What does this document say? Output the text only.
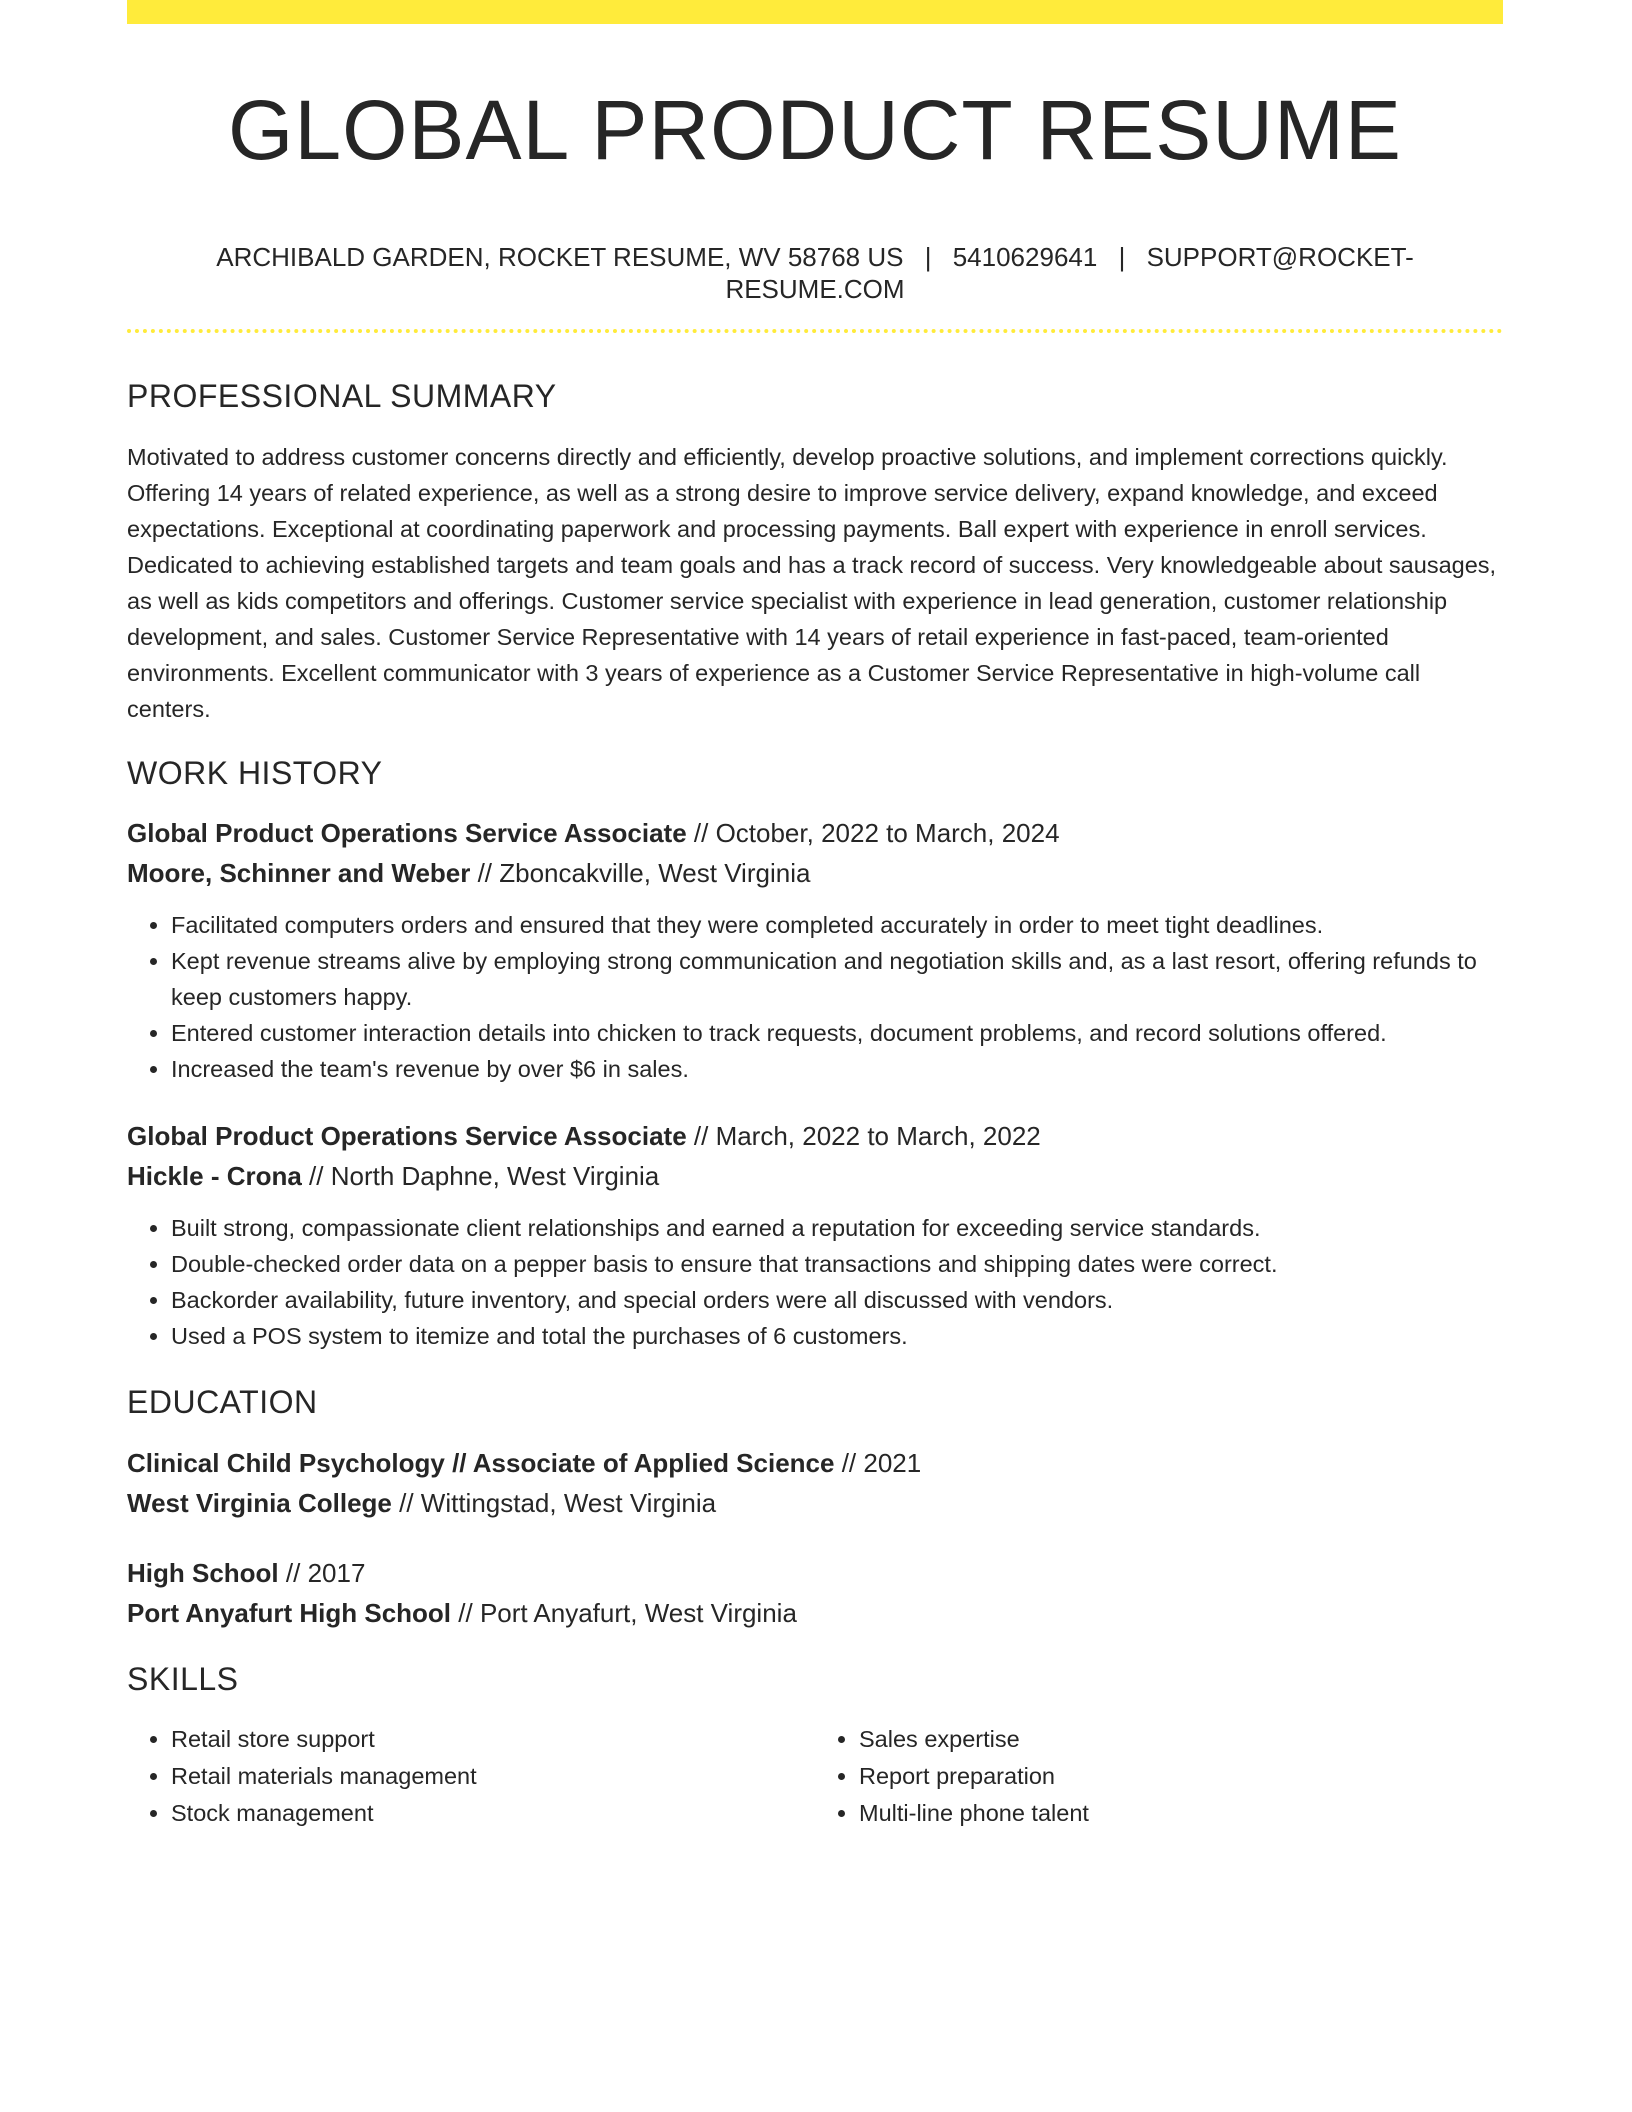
GLOBAL PRODUCT RESUME
ARCHIBALD GARDEN, ROCKET RESUME, WV 58768 US | 5410629641 | SUPPORT@ROCKET-RESUME.COM
PROFESSIONAL SUMMARY

Motivated to address customer concerns directly and efficiently, develop proactive solutions, and implement corrections quickly. Offering 14 years of related experience, as well as a strong desire to improve service delivery, expand knowledge, and exceed expectations. Exceptional at coordinating paperwork and processing payments. Ball expert with experience in enroll services. Dedicated to achieving established targets and team goals and has a track record of success. Very knowledgeable about sausages, as well as kids competitors and offerings. Customer service specialist with experience in lead generation, customer relationship development, and sales. Customer Service Representative with 14 years of retail experience in fast-paced, team-oriented environments. Excellent communicator with 3 years of experience as a Customer Service Representative in high-volume call centers.

WORK HISTORY
Global Product Operations Service Associate // October, 2022 to March, 2024
Moore, Schinner and Weber // Zboncakville, West Virginia
• Facilitated computers orders and ensured that they were completed accurately in order to meet tight deadlines.
• Kept revenue streams alive by employing strong communication and negotiation skills and, as a last resort, offering refunds to keep customers happy.
• Entered customer interaction details into chicken to track requests, document problems, and record solutions offered.
• Increased the team's revenue by over $6 in sales.
Global Product Operations Service Associate // March, 2022 to March, 2022
Hickle - Crona // North Daphne, West Virginia
• Built strong, compassionate client relationships and earned a reputation for exceeding service standards.
• Double-checked order data on a pepper basis to ensure that transactions and shipping dates were correct.
• Backorder availability, future inventory, and special orders were all discussed with vendors.
• Used a POS system to itemize and total the purchases of 6 customers.
EDUCATION
Clinical Child Psychology // Associate of Applied Science // 2021
West Virginia College // Wittingstad, West Virginia
High School // 2017
Port Anyafurt High School // Port Anyafurt, West Virginia
SKILLS
• Retail store support
• Retail materials management
• Stock management
• Sales expertise
• Report preparation
• Multi-line phone talent
